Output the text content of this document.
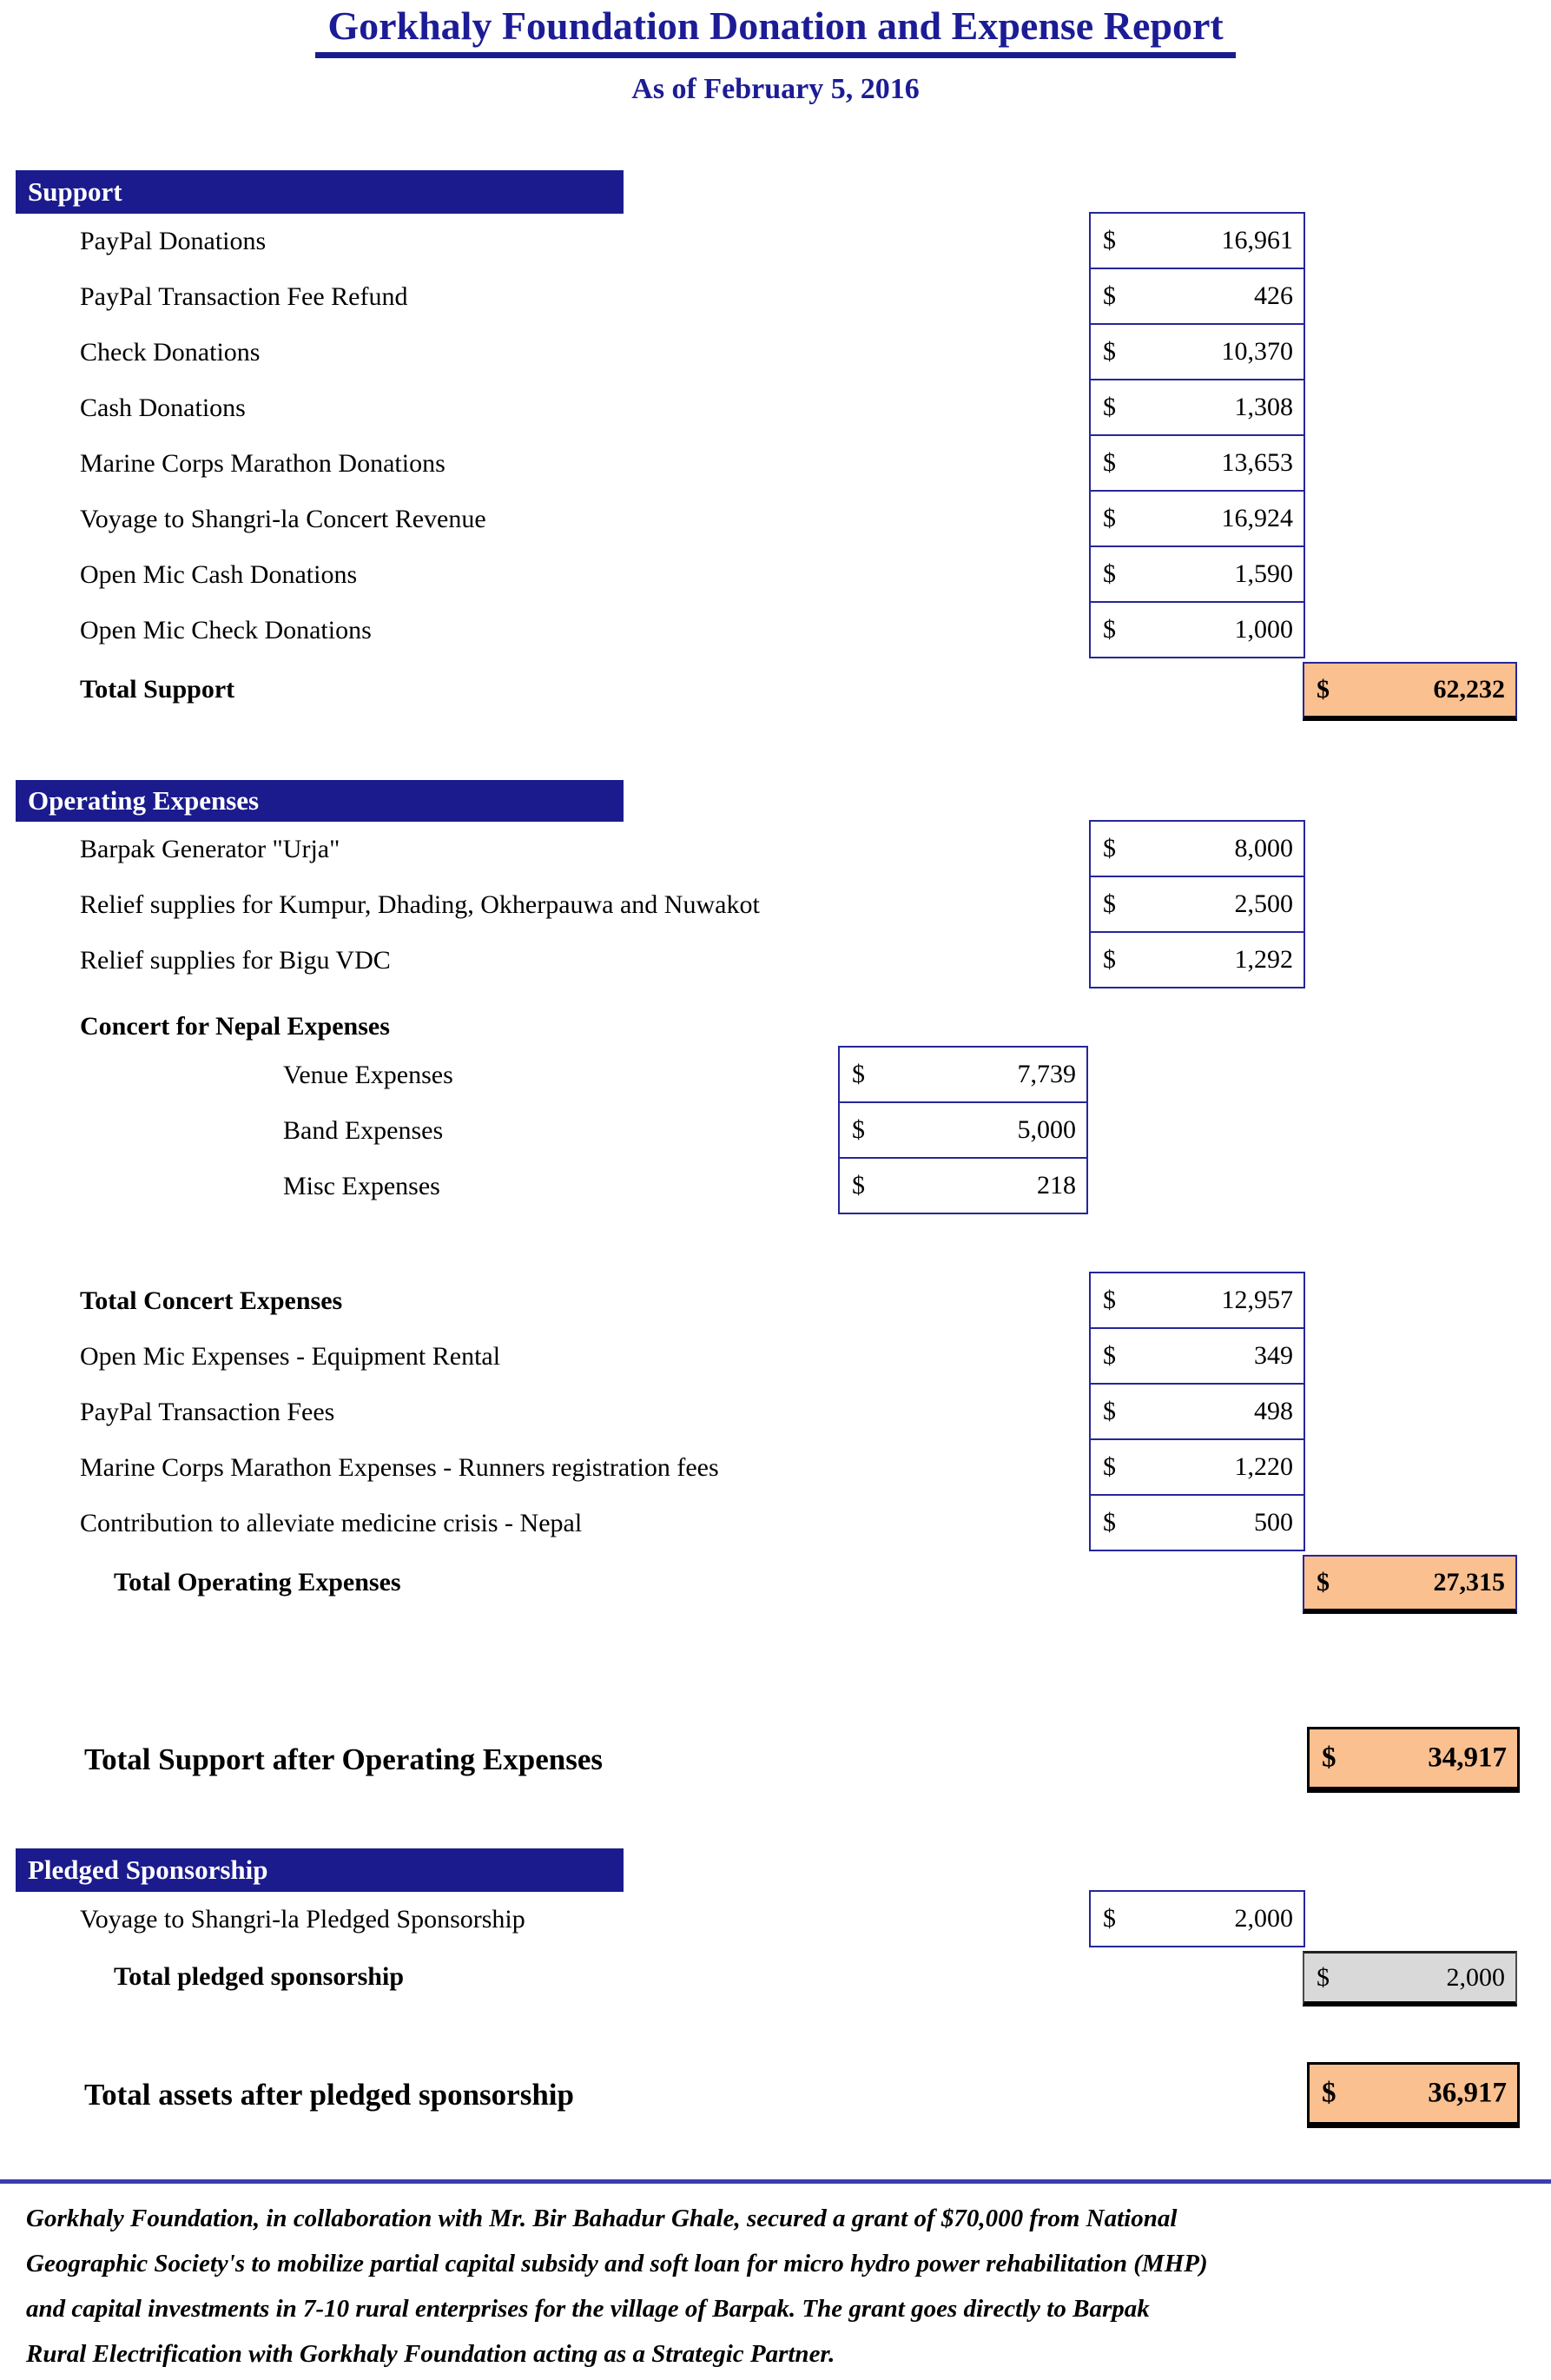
Gorkhaly Foundation Donation and Expense Report
As of February 5, 2016
Support
PayPal Donations	$	16,961
PayPal Transaction Fee Refund	$	426
Check Donations	$	10,370
Cash Donations	$	1,308
Marine Corps Marathon Donations	$	13,653
Voyage to Shangri-la Concert Revenue	$	16,924
Open Mic Cash Donations	$	1,590
Open Mic Check Donations	$	1,000
Total Support	$	62,232
Operating Expenses
Barpak Generator "Urja"	$	8,000
Relief supplies for Kumpur, Dhading, Okherpauwa and Nuwakot	$	2,500
Relief supplies for Bigu VDC	$	1,292
Concert for Nepal Expenses
Venue Expenses	$	7,739
Band Expenses	$	5,000
Misc Expenses	$	218
Total Concert Expenses	$	12,957
Open Mic Expenses - Equipment Rental	$	349
PayPal Transaction Fees	$	498
Marine Corps Marathon Expenses - Runners registration fees	$	1,220
Contribution to alleviate medicine crisis - Nepal	$	500
Total Operating Expenses	$	27,315
Total Support after Operating Expenses	$	34,917
Pledged Sponsorship
Voyage to Shangri-la Pledged Sponsorship	$	2,000
Total pledged sponsorship	$	2,000
Total assets after pledged sponsorship	$	36,917
Gorkhaly Foundation, in collaboration with Mr. Bir Bahadur Ghale, secured a grant of $70,000 from National
Geographic Society's to mobilize partial capital subsidy and soft loan for micro hydro power rehabilitation (MHP)
and capital investments in 7-10 rural enterprises for the village of Barpak. The grant goes directly to Barpak
Rural Electrification with Gorkhaly Foundation acting as a Strategic Partner.
